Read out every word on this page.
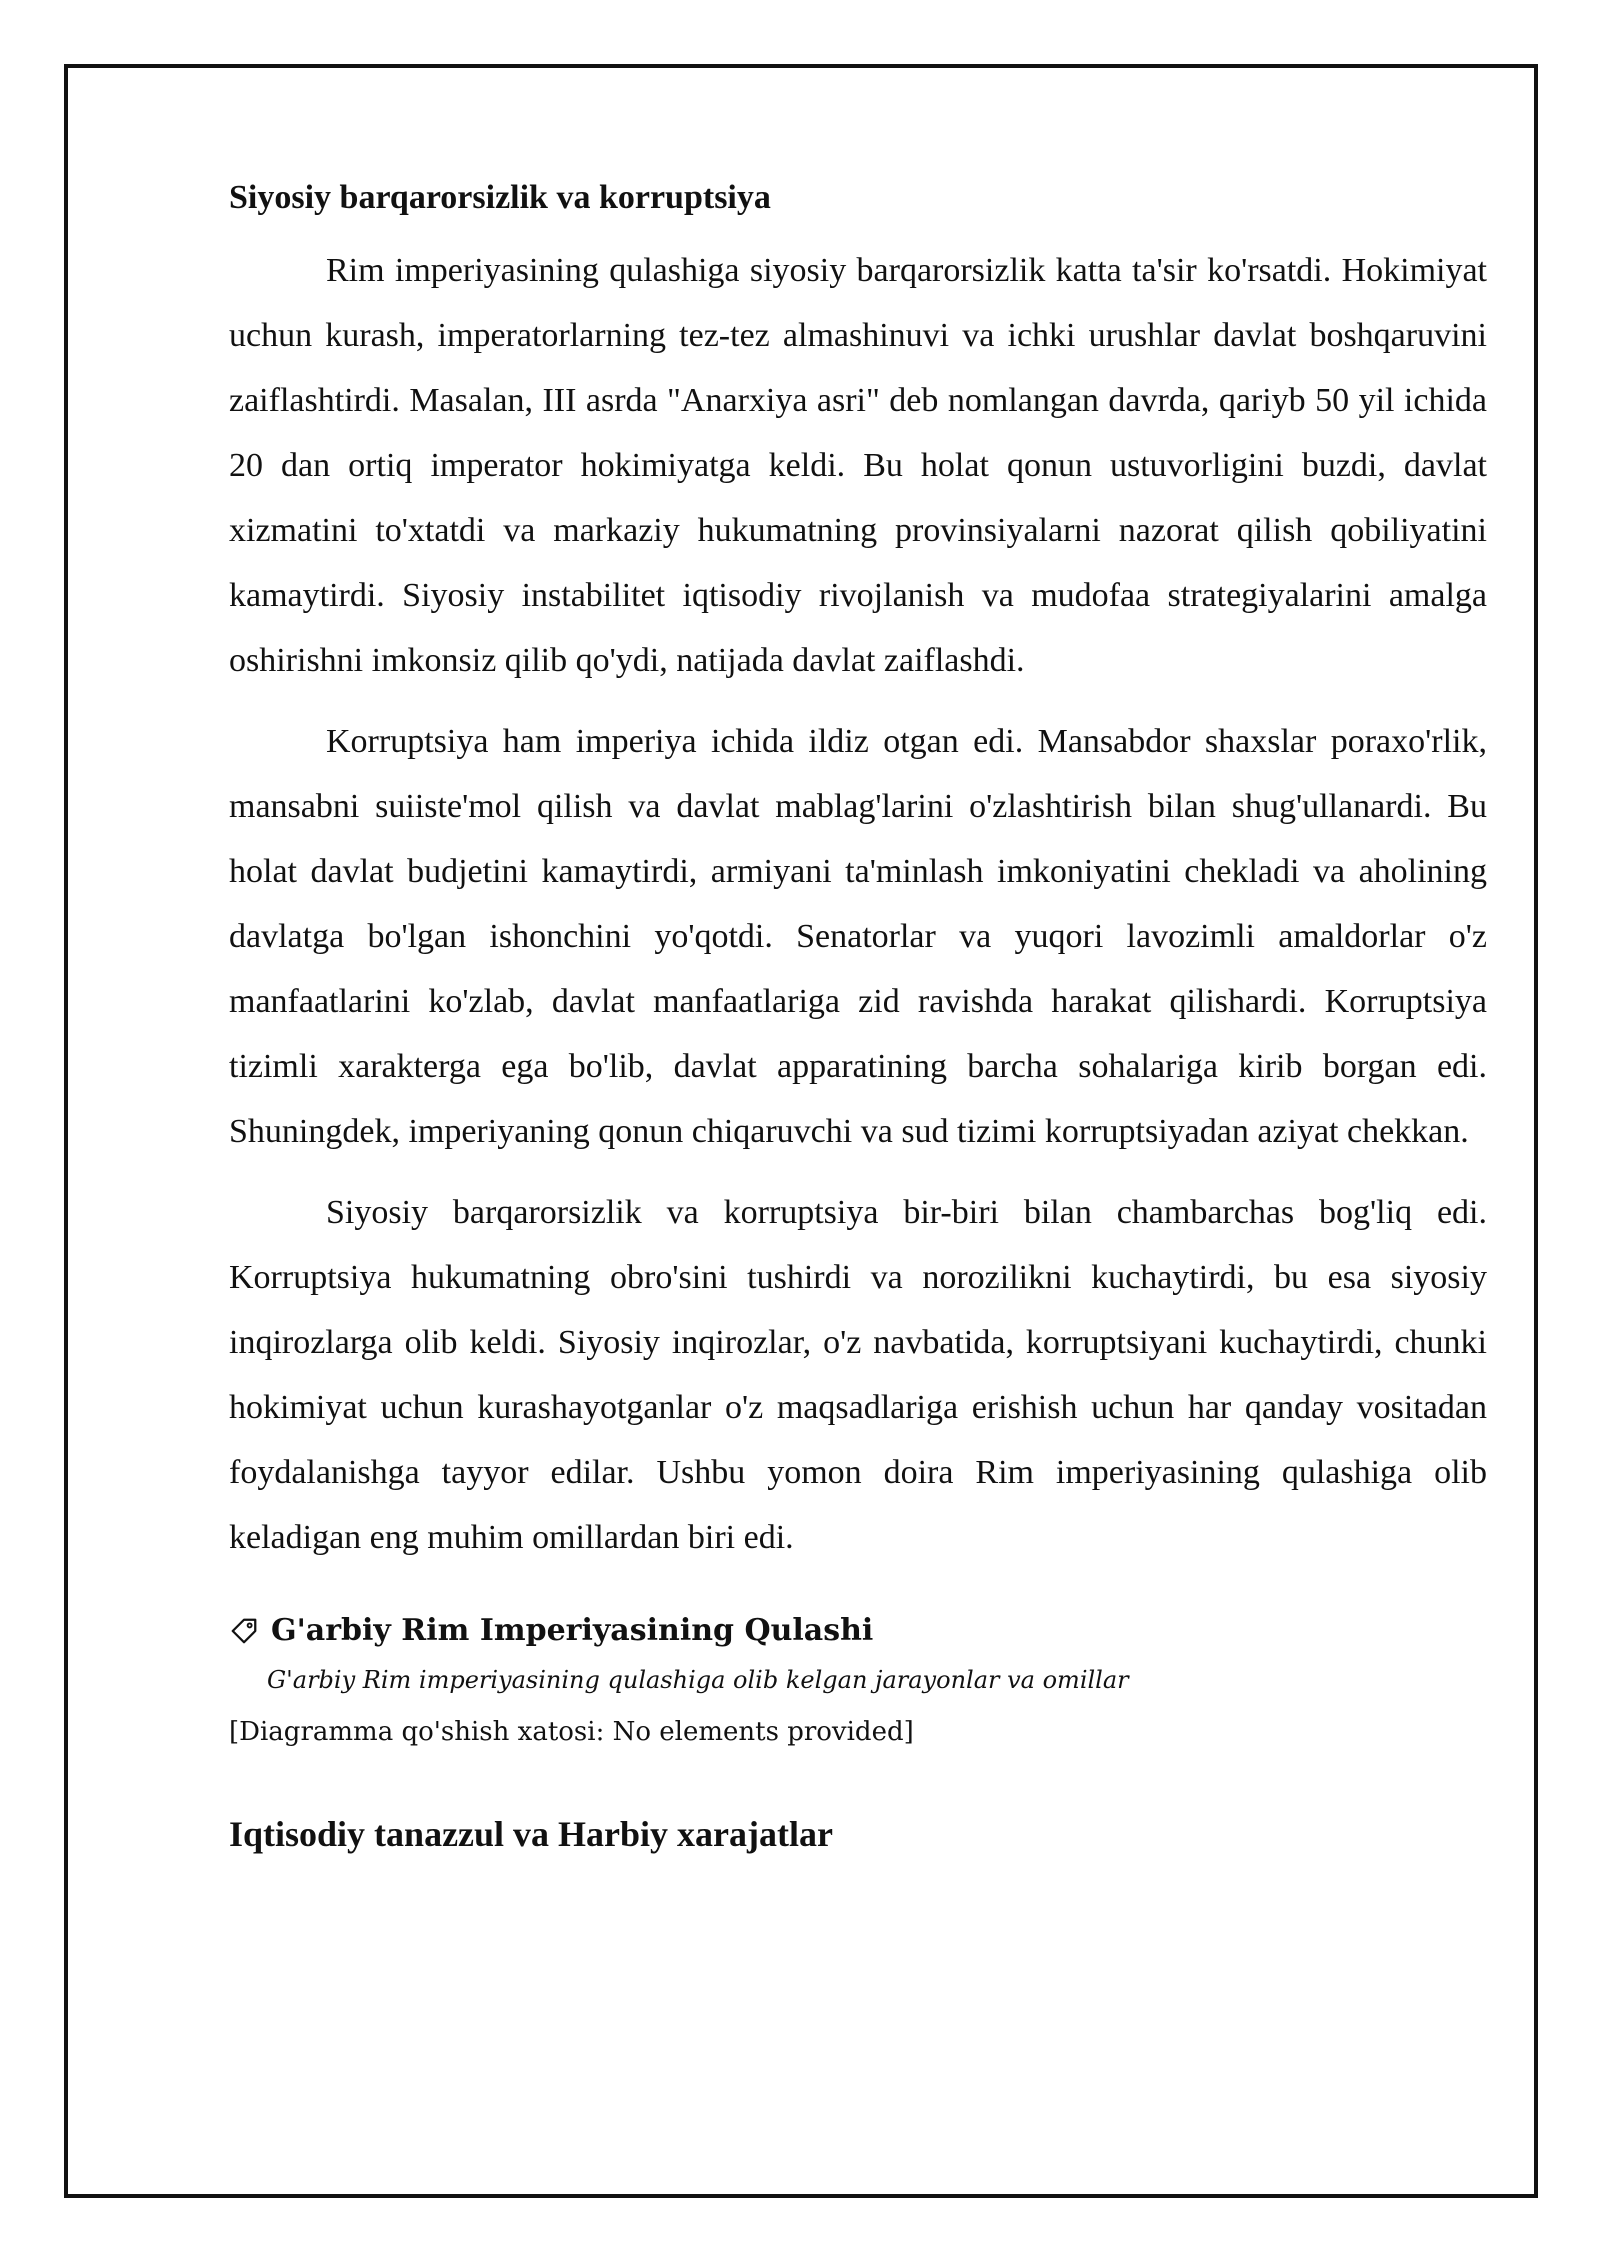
Siyosiy barqarorsizlik va korruptsiya

Rim imperiyasining qulashiga siyosiy barqarorsizlik katta ta'sir ko'rsatdi. Hokimiyat uchun kurash, imperatorlarning tez-tez almashinuvi va ichki urushlar davlat boshqaruvini zaiflashtirdi. Masalan, III asrda "Anarxiya asri" deb nomlangan davrda, qariyb 50 yil ichida 20 dan ortiq imperator hokimiyatga keldi. Bu holat qonun ustuvorligini buzdi, davlat xizmatini to'xtatdi va markaziy hukumatning provinsiyalarni nazorat qilish qobiliyatini kamaytirdi. Siyosiy instabilitet iqtisodiy rivojlanish va mudofaa strategiyalarini amalga oshirishni imkonsiz qilib qo'ydi, natijada davlat zaiflashdi.

Korruptsiya ham imperiya ichida ildiz otgan edi. Mansabdor shaxslar poraxo'rlik, mansabni suiiste'mol qilish va davlat mablag'larini o'zlashtirish bilan shug'ullanardi. Bu holat davlat budjetini kamaytirdi, armiyani ta'minlash imkoniyatini chekladi va aholining davlatga bo'lgan ishonchini yo'qotdi. Senatorlar va yuqori lavozimli amaldorlar o'z manfaatlarini ko'zlab, davlat manfaatlariga zid ravishda harakat qilishardi. Korruptsiya tizimli xarakterga ega bo'lib, davlat apparatining barcha sohalariga kirib borgan edi. Shuningdek, imperiyaning qonun chiqaruvchi va sud tizimi korruptsiyadan aziyat chekkan.

Siyosiy barqarorsizlik va korruptsiya bir-biri bilan chambarchas bog'liq edi. Korruptsiya hukumatning obro'sini tushirdi va norozilikni kuchaytirdi, bu esa siyosiy inqirozlarga olib keldi. Siyosiy inqirozlar, o'z navbatida, korruptsiyani kuchaytirdi, chunki hokimiyat uchun kurashayotganlar o'z maqsadlariga erishish uchun har qanday vositadan foydalanishga tayyor edilar. Ushbu yomon doira Rim imperiyasining qulashiga olib keladigan eng muhim omillardan biri edi.

G'arbiy Rim Imperiyasining Qulashi
G'arbiy Rim imperiyasining qulashiga olib kelgan jarayonlar va omillar
[Diagramma qo'shish xatosi: No elements provided]
Iqtisodiy tanazzul va Harbiy xarajatlar
